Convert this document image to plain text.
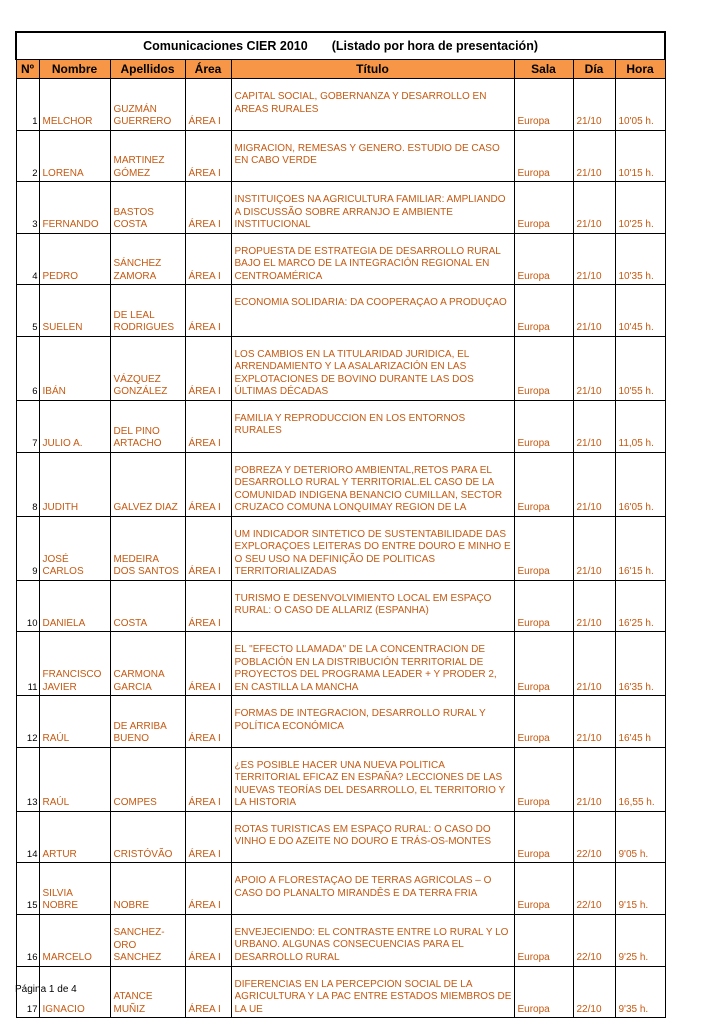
Comunicaciones CIER 2010 (Listado por hora de presentación)							
Nº	Nombre	Apellidos	Área	Título	Sala	Día	Hora
1	MELCHOR	GUZMÁN GUERRERO	ÁREA I	CAPITAL SOCIAL, GOBERNANZA Y DESARROLLO EN AREAS RURALES	Europa	21/10	10'05 h.
2	LORENA	MARTINEZ GÓMEZ	ÁREA I	MIGRACIÓN, REMESAS Y GENERO. ESTUDIO DE CASO EN CABO VERDE	Europa	21/10	10'15 h.
3	FERNANDO	BASTOS COSTA	ÁREA I	INSTITUIÇÕES NA AGRICULTURA FAMILIAR: AMPLIANDO A DISCUSSÃO SOBRE ARRANJO E AMBIENTE INSTITUCIONAL	Europa	21/10	10'25 h.
4	PEDRO	SÁNCHEZ ZAMORA	ÁREA I	PROPUESTA DE ESTRATEGIA DE DESARROLLO RURAL BAJO EL MARCO DE LA INTEGRACIÓN REGIONAL EN CENTROAMÉRICA	Europa	21/10	10'35 h.
5	SUELEN	DE LEAL RODRIGUES	ÁREA I	ECONOMIA SOLIDÁRIA: DA COOPERAÇÃO A PRODUÇÃO	Europa	21/10	10'45 h.
6	IBÁN	VÁZQUEZ GONZÁLEZ	ÁREA I	LOS CAMBIOS EN LA TITULARIDAD JURÍDICA, EL ARRENDAMIENTO Y LA ASALARIZACIÓN EN LAS EXPLOTACIONES DE BOVINO DURANTE LAS DOS ÚLTIMAS DÉCADAS	Europa	21/10	10'55 h.
7	JULIO A.	DEL PINO ARTACHO	ÁREA I	FAMILIA Y REPRODUCCIÓN EN LOS ENTORNOS RURALES	Europa	21/10	11,05 h.
8	JUDITH	GALVEZ DIAZ	ÁREA I	POBREZA Y DETERIORO AMBIENTAL,RETOS PARA EL DESARROLLO RURAL Y TERRITORIAL.EL CASO DE LA COMUNIDAD INDIGENA BENANCIO CUMILLAN, SECTOR CRUZACO COMUNA LONQUIMAY REGION DE LA	Europa	21/10	16'05 h.
9	JOSÉ CARLOS	MEDEIRA DOS SANTOS	ÁREA I	UM INDICADOR SINTÉTICO DE SUSTENTABILIDADE DAS EXPLORAÇOES LEITERAS DO ENTRE DOURO E MINHO E O SEU USO NA DEFINIÇÃO DE POLITICAS TERRITORIALIZADAS	Europa	21/10	16'15 h.
10	DANIELA	COSTA	ÁREA I	TURISMO E DESENVOLVIMIENTO LOCAL EM ESPAÇO RURAL: O CASO DE ALLARIZ (ESPANHA)	Europa	21/10	16'25 h.
11	FRANCISCO JAVIER	CARMONA GARCIA	ÁREA I	EL "EFECTO LLAMADA" DE LA CONCENTRACIÓN DE POBLACIÓN EN LA DISTRIBUCIÓN TERRITORIAL DE PROYECTOS DEL PROGRAMA LEADER + Y PRODER 2, EN CASTILLA LA MANCHA	Europa	21/10	16'35 h.
12	RAÚL	DE ARRIBA BUENO	ÁREA I	FORMAS DE INTEGRACIÓN, DESARROLLO RURAL Y POLÍTICA ECONÓMICA	Europa	21/10	16'45 h
13	RAÚL	COMPES	ÁREA I	¿ES POSIBLE HACER UNA NUEVA POLÍTICA TERRITORIAL EFICAZ EN ESPAÑA? LECCIONES DE LAS NUEVAS TEORÍAS DEL DESARROLLO, EL TERRITORIO Y LA HISTORIA	Europa	21/10	16,55 h.
14	ARTUR	CRISTÓVÃO	ÁREA I	ROTAS TURÍSTICAS EM ESPAÇO RURAL: O CASO DO VINHO E DO AZEITE NO DOURO E TRÁS-OS-MONTES	Europa	22/10	9'05 h.
15	SILVIA NOBRE	NOBRE	ÁREA I	APOIO À FLORESTAÇÃO DE TERRAS AGRÍCOLAS – O CASO DO PLANALTO MIRANDÊS E DA TERRA FRIA	Europa	22/10	9'15 h.
16	MARCELO	SANCHEZ-ORO SANCHEZ	ÁREA I	ENVEJECIENDO: EL CONTRASTE ENTRE LO RURAL Y LO URBANO. ALGUNAS CONSECUENCIAS PARA EL DESARROLLO RURAL	Europa	22/10	9'25 h.
17	IGNACIO	ATANCE MUÑIZ	ÁREA I	DIFERENCIAS EN LA PERCEPCIÓN SOCIAL DE LA AGRICULTURA Y LA PAC ENTRE ESTADOS MIEMBROS DE LA UE	Europa	22/10	9'35 h.
Página 1 de 4
